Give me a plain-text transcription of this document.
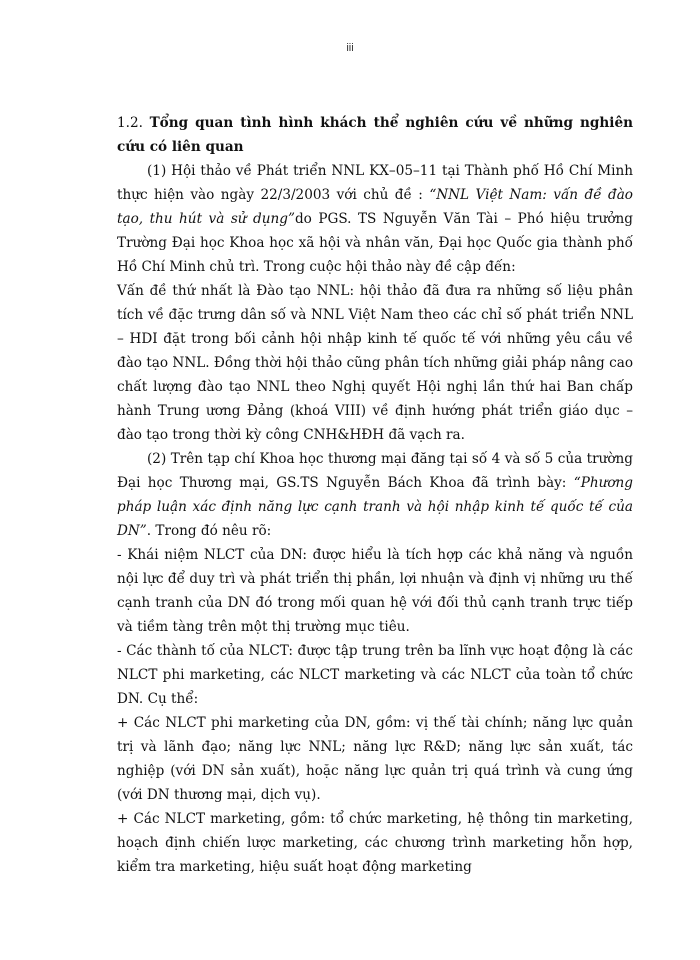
iii

1.2. Tổng quan tình hình khách thể nghiên cứu về những nghiên cứu có liên quan

(1) Hội thảo về Phát triển NNL KX–05–11 tại Thành phố Hồ Chí Minh thực hiện vào ngày 22/3/2003 với chủ đề : “NNL Việt Nam: vấn đề đào tạo, thu hút và sử dụng”do PGS. TS Nguyễn Văn Tài – Phó hiệu trưởng Trường Đại học Khoa học xã hội và nhân văn, Đại học Quốc gia thành phố Hồ Chí Minh chủ trì. Trong cuộc hội thảo này đề cập đến:

Vấn đề thứ nhất là Đào tạo NNL: hội thảo đã đưa ra những số liệu phân tích về đặc trưng dân số và NNL Việt Nam theo các chỉ số phát triển NNL – HDI đặt trong bối cảnh hội nhập kinh tế quốc tế với những yêu cầu về đào tạo NNL. Đồng thời hội thảo cũng phân tích những giải pháp nâng cao chất lượng đào tạo NNL theo Nghị quyết Hội nghị lần thứ hai Ban chấp hành Trung ương Đảng (khoá VIII) về định hướng phát triển giáo dục – đào tạo trong thời kỳ công CNH&HĐH đã vạch ra.

(2) Trên tạp chí Khoa học thương mại đăng tại số 4 và số 5 của trường Đại học Thương mại, GS.TS Nguyễn Bách Khoa đã trình bày: “Phương pháp luận xác định năng lực cạnh tranh và hội nhập kinh tế quốc tế của DN”. Trong đó nêu rõ:

- Khái niệm NLCT của DN: được hiểu là tích hợp các khả năng và nguồn nội lực để duy trì và phát triển thị phần, lợi nhuận và định vị những ưu thế cạnh tranh của DN đó trong mối quan hệ với đối thủ cạnh tranh trực tiếp và tiềm tàng trên một thị trường mục tiêu.

- Các thành tố của NLCT: được tập trung trên ba lĩnh vực hoạt động là các NLCT phi marketing, các NLCT marketing và các NLCT của toàn tổ chức DN. Cụ thể:

+ Các NLCT phi marketing của DN, gồm: vị thế tài chính; năng lực quản trị và lãnh đạo; năng lực NNL; năng lực R&D; năng lực sản xuất, tác nghiệp (với DN sản xuất), hoặc năng lực quản trị quá trình và cung ứng (với DN thương mại, dịch vụ).

+ Các NLCT marketing, gồm: tổ chức marketing, hệ thông tin marketing, hoạch định chiến lược marketing, các chương trình marketing hỗn hợp, kiểm tra marketing, hiệu suất hoạt động marketing
